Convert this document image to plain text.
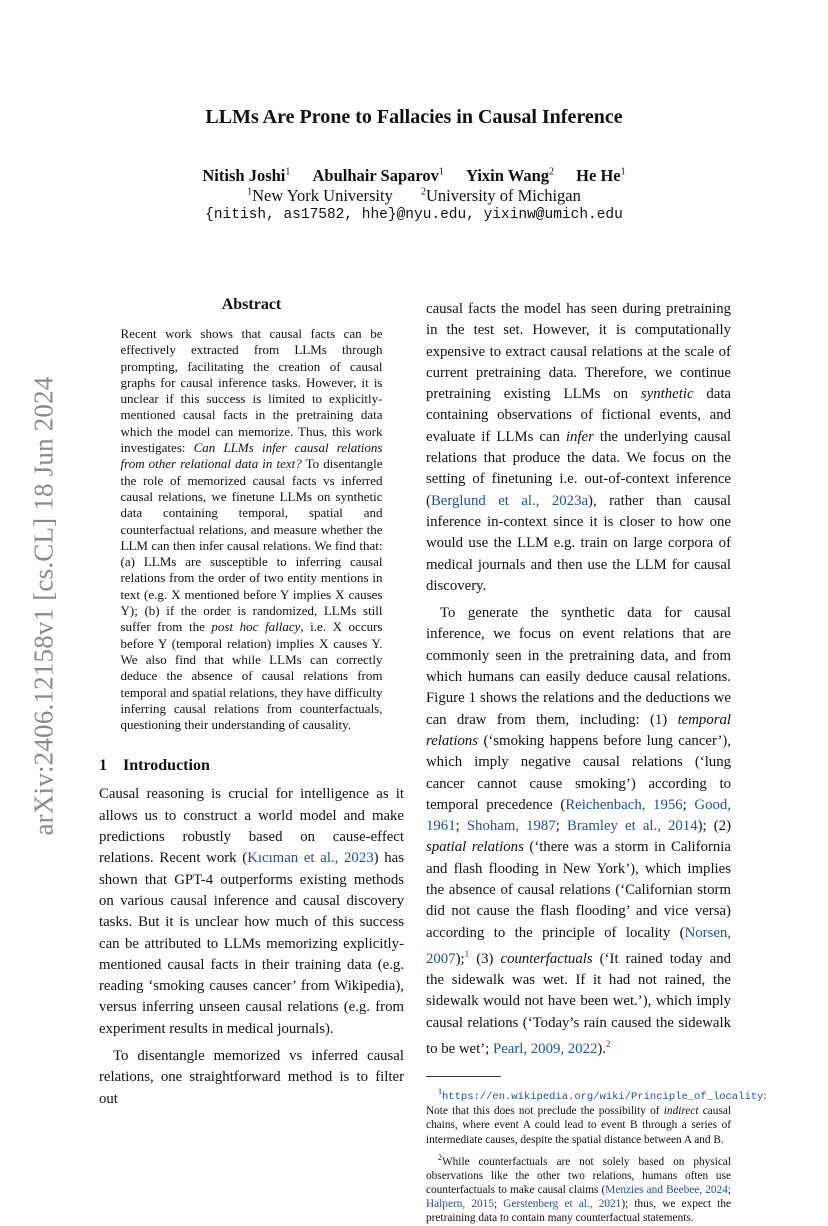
arXiv:2406.12158v1 [cs.CL] 18 Jun 2024
LLMs Are Prone to Fallacies in Causal Inference
Nitish Joshi$^1$ Abulhair Saparov$^1$ Yixin Wang$^2$ He He$^1$
$^1$New York University	$^2$University of Michigan
{nitish, as17582, hhe}@nyu.edu, yixinw@umich.edu
Abstract
Recent work shows that causal facts can be effectively extracted from LLMs through prompting, facilitating the creation of causal graphs for causal inference tasks. However, it is unclear if this success is limited to explicitly-mentioned causal facts in the pretraining data which the model can memorize. Thus, this work investigates: Can LLMs infer causal relations from other relational data in text? To disentangle the role of memorized causal facts vs inferred causal relations, we finetune LLMs on synthetic data containing temporal, spatial and counterfactual relations, and measure whether the LLM can then infer causal relations. We find that: (a) LLMs are susceptible to inferring causal relations from the order of two entity mentions in text (e.g. X mentioned before Y implies X causes Y); (b) if the order is randomized, LLMs still suffer from the post hoc fallacy, i.e. X occurs before Y (temporal relation) implies X causes Y. We also find that while LLMs can correctly deduce the absence of causal relations from temporal and spatial relations, they have difficulty inferring causal relations from counterfactuals, questioning their understanding of causality.
1 Introduction

Causal reasoning is crucial for intelligence as it allows us to construct a world model and make predictions robustly based on cause-effect relations. Recent work (Kıcıman et al., 2023) has shown that GPT-4 outperforms existing methods on various causal inference and causal discovery tasks. But it is unclear how much of this success can be attributed to LLMs memorizing explicitly-mentioned causal facts in their training data (e.g. reading ‘smoking causes cancer’ from Wikipedia), versus inferring unseen causal relations (e.g. from experiment results in medical journals).

To disentangle memorized vs inferred causal relations, one straightforward method is to filter out

causal facts the model has seen during pretraining in the test set. However, it is computationally expensive to extract causal relations at the scale of current pretraining data. Therefore, we continue pretraining existing LLMs on synthetic data containing observations of fictional events, and evaluate if LLMs can infer the underlying causal relations that produce the data. We focus on the setting of finetuning i.e. out-of-context inference (Berglund et al., 2023a), rather than causal inference in-context since it is closer to how one would use the LLM e.g. train on large corpora of medical journals and then use the LLM for causal discovery.

To generate the synthetic data for causal inference, we focus on event relations that are commonly seen in the pretraining data, and from which humans can easily deduce causal relations. Figure 1 shows the relations and the deductions we can draw from them, including: (1) temporal relations (‘smoking happens before lung cancer’), which imply negative causal relations (‘lung cancer cannot cause smoking’) according to temporal precedence (Reichenbach, 1956; Good, 1961; Shoham, 1987; Bramley et al., 2014); (2) spatial relations (‘there was a storm in California and flash flooding in New York’), which implies the absence of causal relations (‘Californian storm did not cause the flash flooding’ and vice versa) according to the principle of locality (Norsen, 2007);$^1$ (3) counterfactuals (‘It rained today and the sidewalk was wet. If it had not rained, the sidewalk would not have been wet.’), which imply causal relations (‘Today’s rain caused the sidewalk to be wet’; Pearl, 2009, 2022).$^2$

$^1$https://en.wikipedia.org/wiki/Principle_of_locality: Note that this does not preclude the possibility of indirect causal chains, where event A could lead to event B through a series of intermediate causes, despite the spatial distance between A and B.

$^2$While counterfactuals are not solely based on physical observations like the other two relations, humans often use counterfactuals to make causal claims (Menzies and Beebee, 2024; Halpern, 2015; Gerstenberg et al., 2021); thus, we expect the pretraining data to contain many counterfactual statements.
